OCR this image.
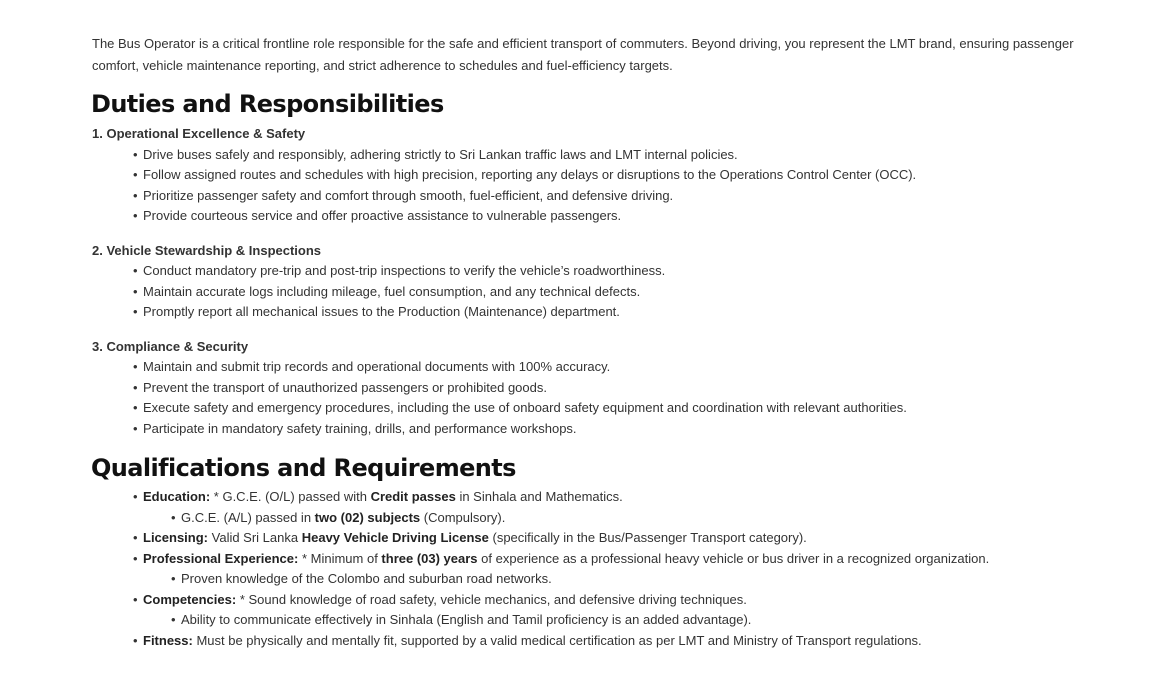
The Bus Operator is a critical frontline role responsible for the safe and efficient transport of commuters. Beyond driving, you represent the LMT brand, ensuring passenger comfort, vehicle maintenance reporting, and strict adherence to schedules and fuel-efficiency targets.

Duties and Responsibilities
1. Operational Excellence & Safety
• Drive buses safely and responsibly, adhering strictly to Sri Lankan traffic laws and LMT internal policies.
• Follow assigned routes and schedules with high precision, reporting any delays or disruptions to the Operations Control Center (OCC).
• Prioritize passenger safety and comfort through smooth, fuel-efficient, and defensive driving.
• Provide courteous service and offer proactive assistance to vulnerable passengers.
2. Vehicle Stewardship & Inspections
• Conduct mandatory pre-trip and post-trip inspections to verify the vehicle’s roadworthiness.
• Maintain accurate logs including mileage, fuel consumption, and any technical defects.
• Promptly report all mechanical issues to the Production (Maintenance) department.
3. Compliance & Security
• Maintain and submit trip records and operational documents with 100% accuracy.
• Prevent the transport of unauthorized passengers or prohibited goods.
• Execute safety and emergency procedures, including the use of onboard safety equipment and coordination with relevant authorities.
• Participate in mandatory safety training, drills, and performance workshops.
Qualifications and Requirements
• Education: * G.C.E. (O/L) passed with Credit passes in Sinhala and Mathematics.
• G.C.E. (A/L) passed in two (02) subjects (Compulsory).
• Licensing: Valid Sri Lanka Heavy Vehicle Driving License (specifically in the Bus/Passenger Transport category).
• Professional Experience: * Minimum of three (03) years of experience as a professional heavy vehicle or bus driver in a recognized organization.
• Proven knowledge of the Colombo and suburban road networks.
• Competencies: * Sound knowledge of road safety, vehicle mechanics, and defensive driving techniques.
• Ability to communicate effectively in Sinhala (English and Tamil proficiency is an added advantage).
• Fitness: Must be physically and mentally fit, supported by a valid medical certification as per LMT and Ministry of Transport regulations.
